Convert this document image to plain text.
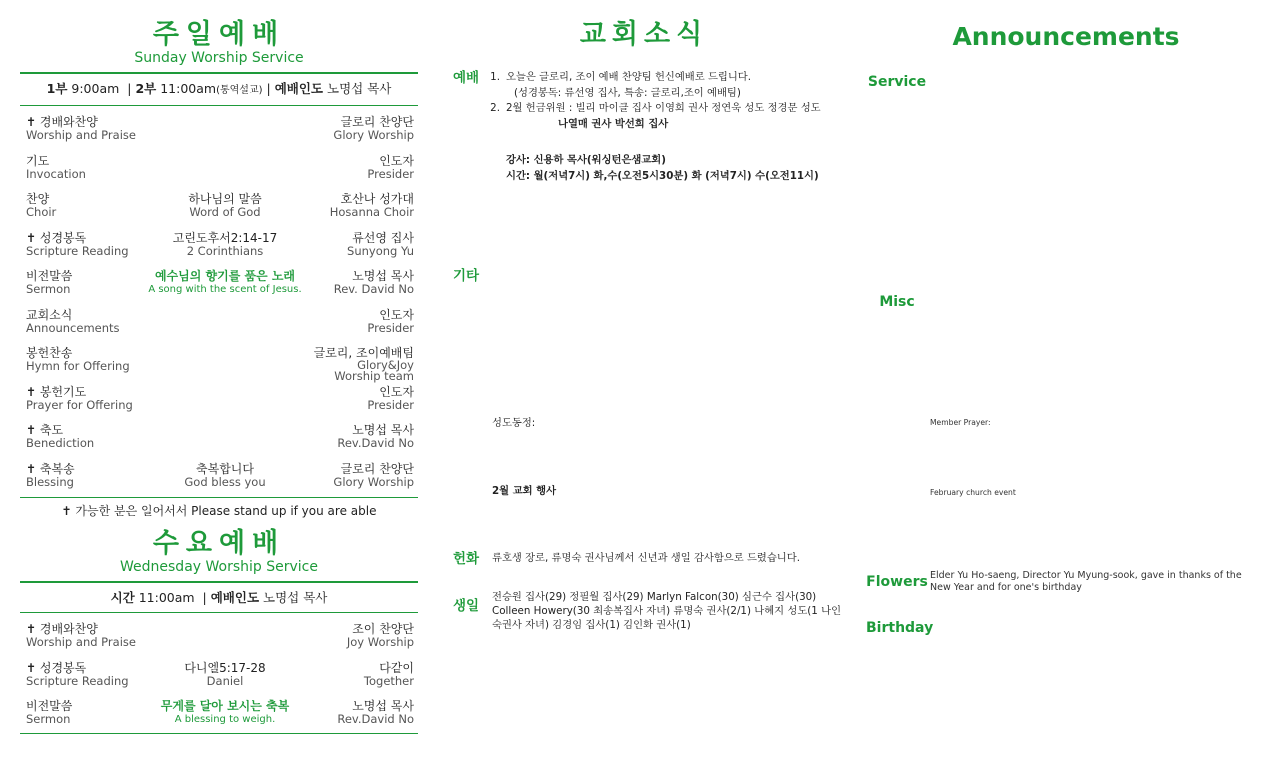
주일예배
Sunday Worship Service
1부 9:00am  | 2부 11:00am(통역설교) | 예배인도 노명섭 목사
✝ 경배와찬양
Worship and Praise
글로리 찬양단
Glory Worship
기도
Invocation
인도자
Presider
찬양
Choir
하나님의 말씀
Word of God
호산나 성가대
Hosanna Choir
✝ 성경봉독
Scripture Reading
고린도후서2:14-17
2 Corinthians
류선영 집사
Sunyong Yu
비전말씀
Sermon
예수님의 향기를 품은 노래
A song with the scent of Jesus.
노명섭 목사
Rev. David No
교회소식
Announcements
인도자
Presider
봉헌찬송
Hymn for Offering
글로리, 조이예배팀
Glory&Joy Worship team
✝ 봉헌기도
Prayer for Offering
인도자
Presider
✝ 축도
Benediction
노명섭 목사
Rev.David No
✝ 축복송
Blessing
축복합니다
God bless you
글로리 찬양단
Glory Worship
✝ 가능한 분은 일어서서 Please stand up if you are able
수요예배
Wednesday Worship Service
시간 11:00am  | 예배인도 노명섭 목사
✝ 경배와찬양
Worship and Praise
조이 찬양단
Joy Worship
✝ 성경봉독
Scripture Reading
다니엘5:17-28
Daniel
다같이
Together
비전말씀
Sermon
무게를 달아 보시는 축복
A blessing to weigh.
노명섭 목사
Rev.David No
교회소식
예배	1. 오늘은 글로리, 조이 예배 찬양팀 헌신예배로 드립니다.
(성경봉독: 류선영 집사, 특송: 글로리,조이 예배팀)
2. 2월 헌금위원 : 빌리 마이클 집사 이영희 권사 정연욱 성도 정경문 성도
나열매 권사 박선희 집사
강사: 신용하 목사(워싱턴은샘교회)
시간: 월(저녁7시) 화,수(오전5시30분) 화 (저녁7시) 수(오전11시)
기타
성도동정:
2월 교회 행사
헌화	류호생 장로, 류명숙 권사님께서 신년과 생일 감사함으로 드렸습니다.
생일
전승원 집사(29) 정필월 집사(29) Marlyn Falcon(30) 심근수 집사(30) Colleen Howery(30 최송복집사 자녀) 류명숙 권사(2/1) 나혜지 성도(1 나인숙권사 자녀) 김경임 집사(1) 김인화 권사(1)
Announcements
Service
Misc
Member Prayer:
February church event
Flowers Elder Yu Ho-saeng, Director Yu Myung-sook, gave in thanks of the New Year and for one's birthday
Birthday
